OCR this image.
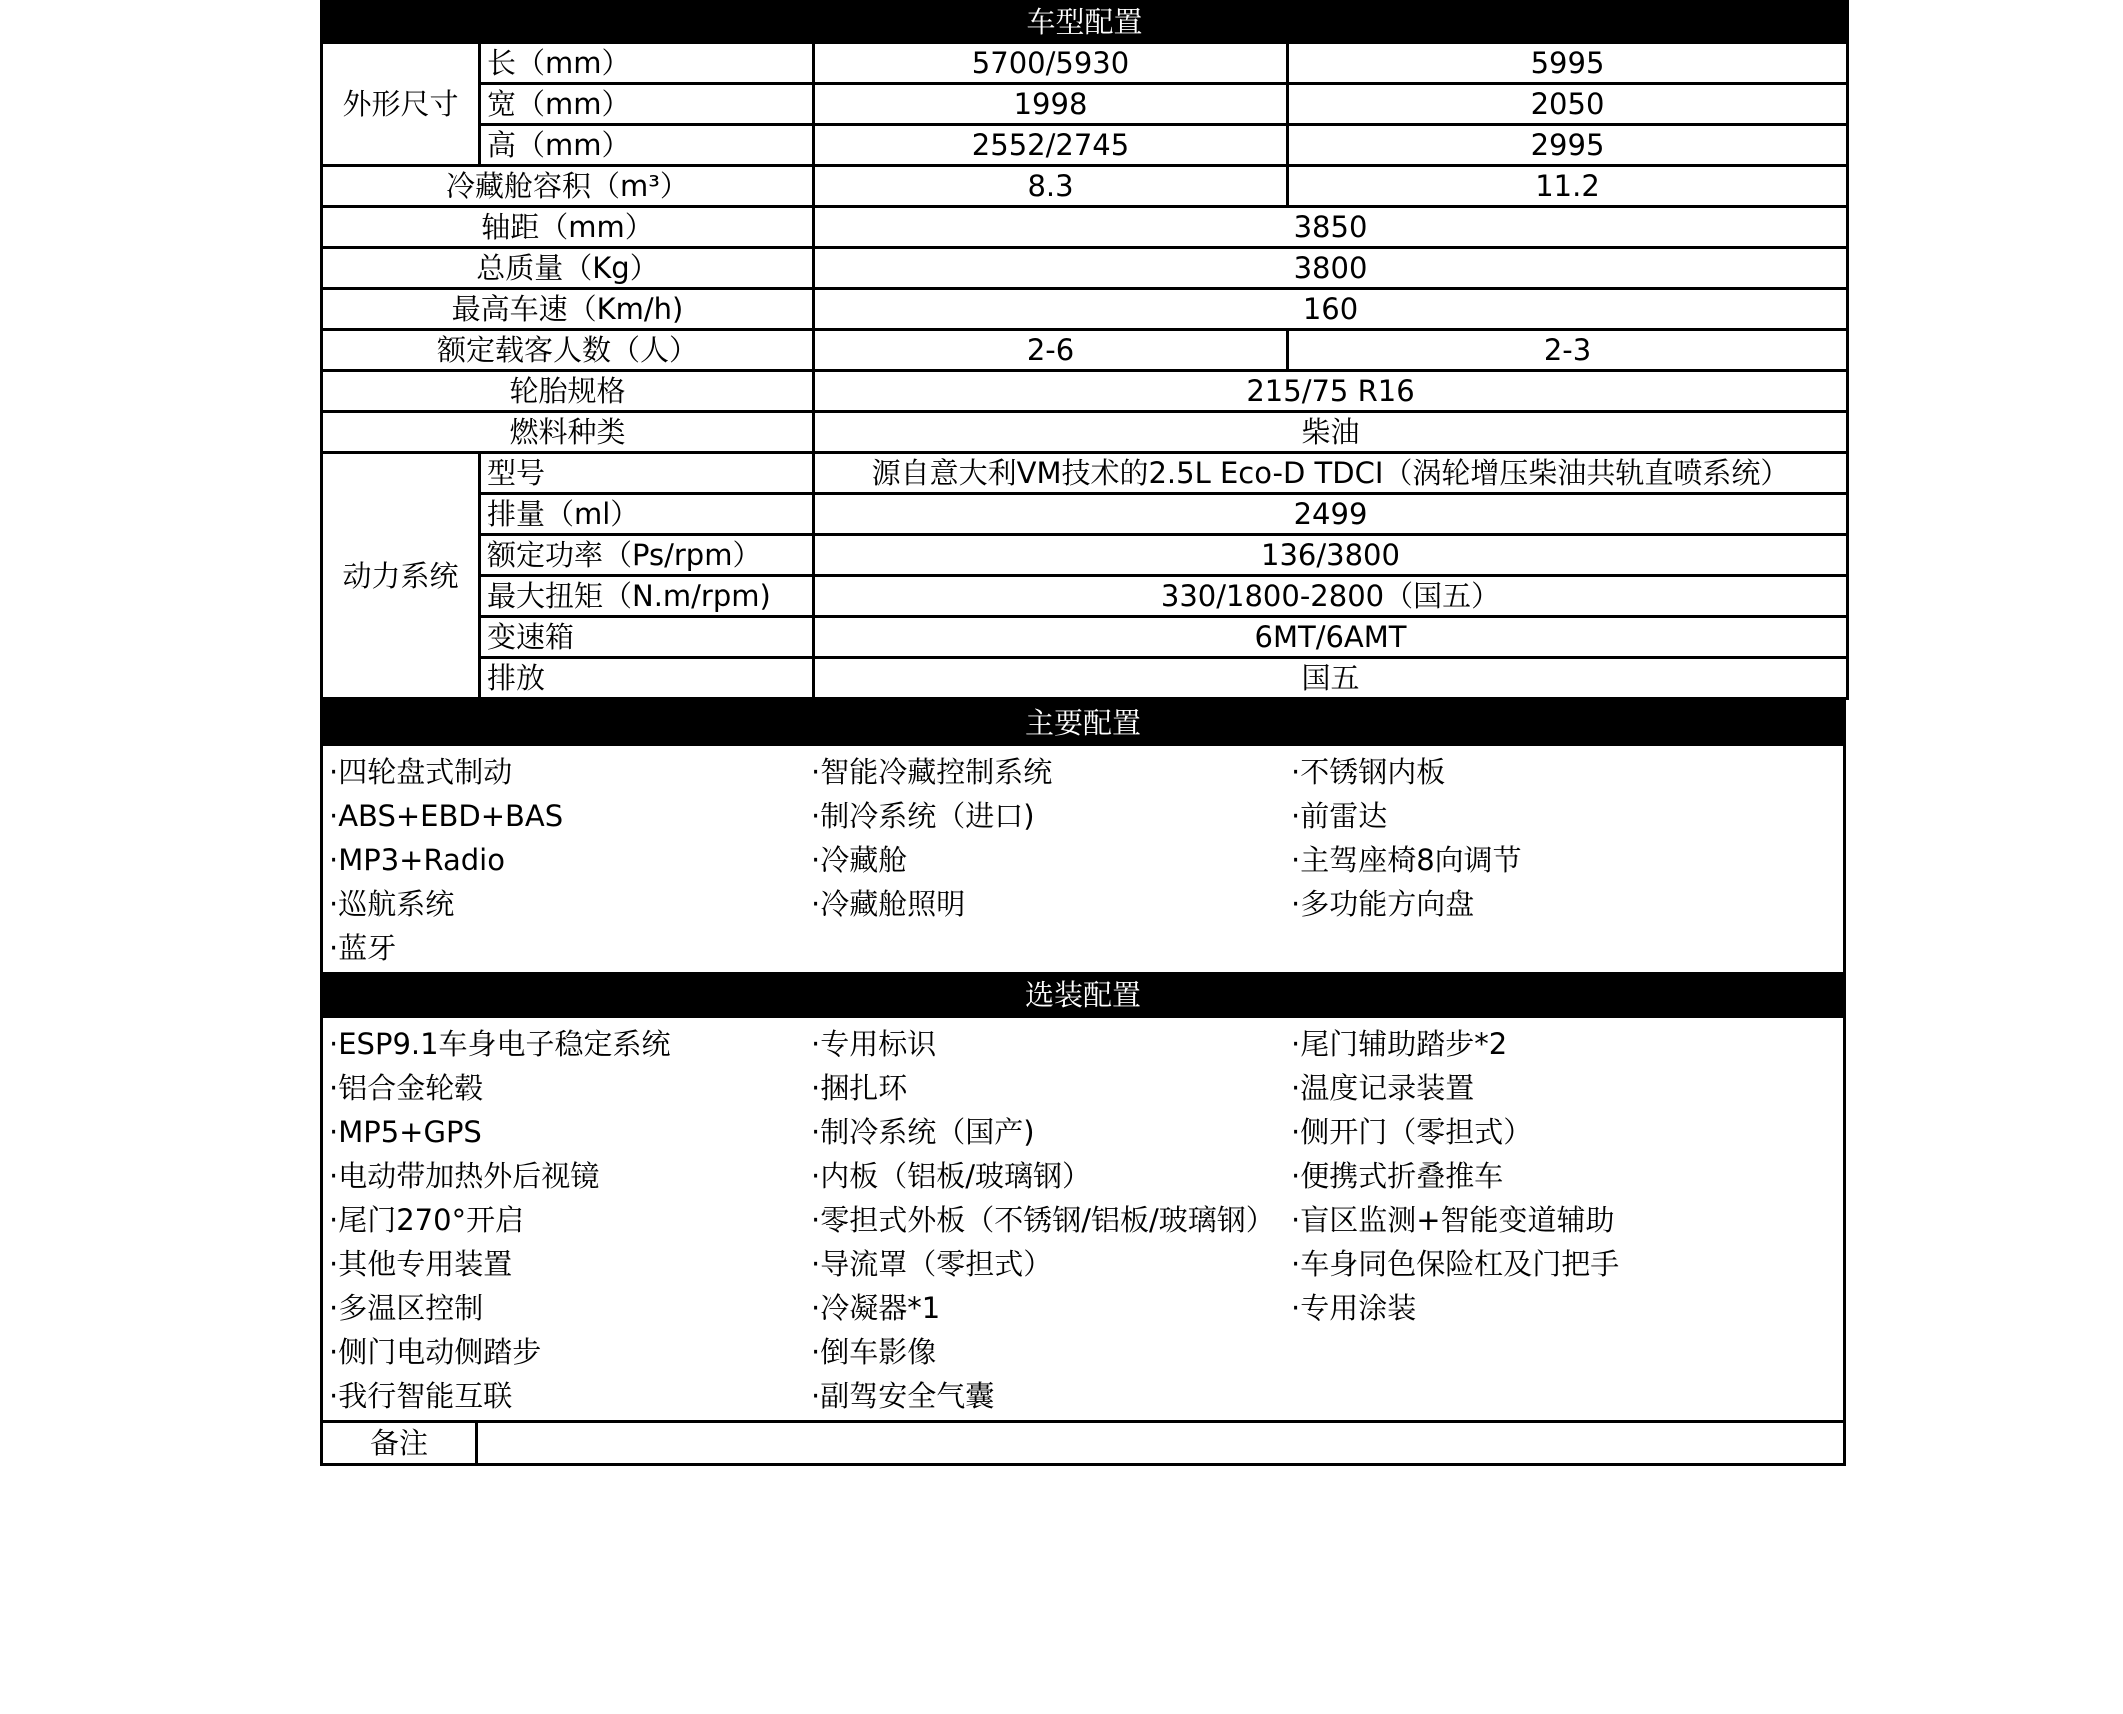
车型配置			
外形尺寸	长（mm）	5700/5930	5995
	宽（mm）	1998	2050
	高（mm）	2552/2745	2995
冷藏舱容积（m³）		8.3	11.2
轴距（mm）		3850	
总质量（Kg）		3800	
最高车速（Km/h)		160	
额定载客人数（人）		2-6	2-3
轮胎规格		215/75 R16	
燃料种类		柴油	
动力系统	型号	源自意大利VM技术的2.5L Eco-D TDCI（涡轮增压柴油共轨直喷系统）	
	排量（ml）	2499	
	额定功率（Ps/rpm）	136/3800	
	最大扭矩（N.m/rpm)	330/1800-2800（国五）	
	变速箱	6MT/6AMT	
	排放	国五	
主要配置
·四轮盘式制动	·智能冷藏控制系统	·不锈钢内板
·ABS+EBD+BAS	·制冷系统（进口)	·前雷达
·MP3+Radio	·冷藏舱	·主驾座椅8向调节
·巡航系统	·冷藏舱照明	·多功能方向盘
·蓝牙
选装配置
·ESP9.1车身电子稳定系统	·专用标识	·尾门辅助踏步*2
·铝合金轮毂	·捆扎环	·温度记录装置
·MP5+GPS	·制冷系统（国产)	·侧开门（零担式）
·电动带加热外后视镜	·内板（铝板/玻璃钢）	·便携式折叠推车
·尾门270°开启	·零担式外板（不锈钢/铝板/玻璃钢） ·盲区监测+智能变道辅助
·其他专用装置	·导流罩（零担式）	·车身同色保险杠及门把手
·多温区控制	·冷凝器*1	·专用涂装
·侧门电动侧踏步	·倒车影像
·我行智能互联	·副驾安全气囊
备注
